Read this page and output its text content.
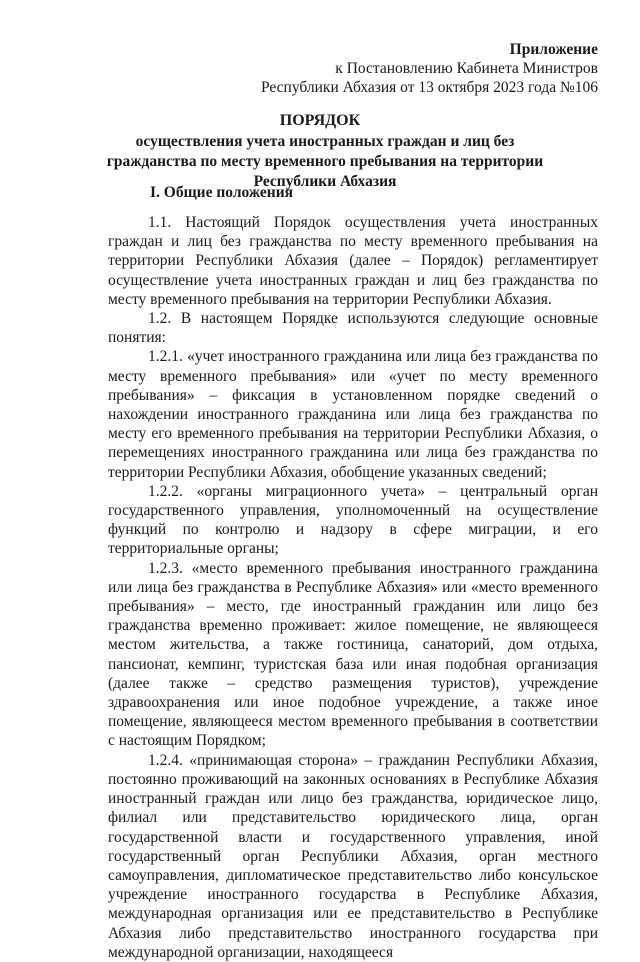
Приложение
к Постановлению Кабинета Министров
Республики Абхазия от 13 октября 2023 года №106
ПОРЯДОК
осуществления учета иностранных граждан и лиц без гражданства по месту временного пребывания на территории Республики Абхазия
I. Общие положения

1.1. Настоящий Порядок осуществления учета иностранных граждан и лиц без гражданства по месту временного пребывания на территории Республики Абхазия (далее – Порядок) регламентирует осуществление учета иностранных граждан и лиц без гражданства по месту временного пребывания на территории Республики Абхазия.

1.2. В настоящем Порядке используются следующие основные понятия:

1.2.1. «учет иностранного гражданина или лица без гражданства по месту временного пребывания» или «учет по месту временного пребывания» – фиксация в установленном порядке сведений о нахождении иностранного гражданина или лица без гражданства по месту его временного пребывания на территории Республики Абхазия, о перемещениях иностранного гражданина или лица без гражданства по территории Республики Абхазия, обобщение указанных сведений;

1.2.2. «органы миграционного учета» – центральный орган государственного управления, уполномоченный на осуществление функций по контролю и надзору в сфере миграции, и его территориальные органы;

1.2.3. «место временного пребывания иностранного гражданина или лица без гражданства в Республике Абхазия» или «место временного пребывания» – место, где иностранный гражданин или лицо без гражданства временно проживает: жилое помещение, не являющееся местом жительства, а также гостиница, санаторий, дом отдыха, пансионат, кемпинг, туристская база или иная подобная организация (далее также – средство размещения туристов), учреждение здравоохранения или иное подобное учреждение, а также иное помещение, являющееся местом временного пребывания в соответствии с настоящим Порядком;

1.2.4. «принимающая сторона» – гражданин Республики Абхазия, постоянно проживающий на законных основаниях в Республике Абхазия иностранный граждан или лицо без гражданства, юридическое лицо, филиал или представительство юридического лица, орган государственной власти и государственного управления, иной государственный орган Республики Абхазия, орган местного самоуправления, дипломатическое представительство либо консульское учреждение иностранного государства в Республике Абхазия, международная организация или ее представительство в Республике Абхазия либо представительство иностранного государства при международной организации, находящееся
